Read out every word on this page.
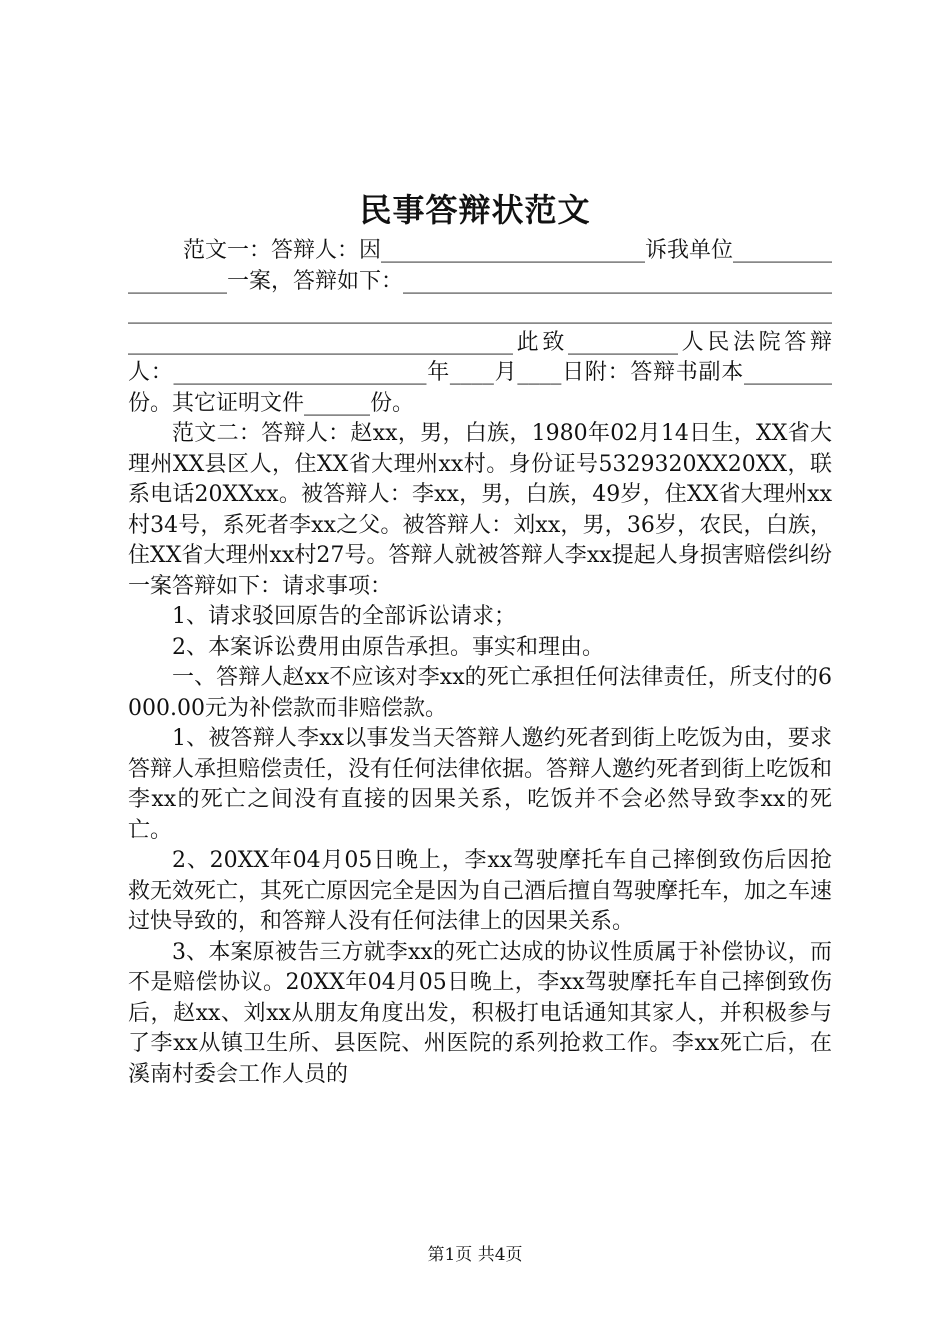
民事答辩状范文

范文一：答辩人：因________________________诉我单位__________________一案，答辩如下：__________________________________________________________________________________________________________________________________________此致__________人民法院答辩人：_______________________年____月____日附：答辩书副本________份。其它证明文件______份。

范文二：答辩人：赵xx，男，白族，1980年02月14日生，XX省大理州XX县区人，住XX省大理州xx村。身份证号5329320XX20XX，联系电话20XXxx。被答辩人：李xx，男，白族，49岁，住XX省大理州xx村34号，系死者李xx之父。被答辩人：刘xx，男，36岁，农民，白族，住XX省大理州xx村27号。答辩人就被答辩人李xx提起人身损害赔偿纠纷一案答辩如下：请求事项：

1、请求驳回原告的全部诉讼请求；

2、本案诉讼费用由原告承担。事实和理由。

一、答辩人赵xx不应该对李xx的死亡承担任何法律责任，所支付的6000.00元为补偿款而非赔偿款。

1、被答辩人李xx以事发当天答辩人邀约死者到街上吃饭为由，要求答辩人承担赔偿责任，没有任何法律依据。答辩人邀约死者到街上吃饭和李xx的死亡之间没有直接的因果关系，吃饭并不会必然导致李xx的死亡。

2、20XX年04月05日晚上，李xx驾驶摩托车自己摔倒致伤后因抢救无效死亡，其死亡原因完全是因为自己酒后擅自驾驶摩托车，加之车速过快导致的，和答辩人没有任何法律上的因果关系。

3、本案原被告三方就李xx的死亡达成的协议性质属于补偿协议，而不是赔偿协议。20XX年04月05日晚上，李xx驾驶摩托车自己摔倒致伤后，赵xx、刘xx从朋友角度出发，积极打电话通知其家人，并积极参与了李xx从镇卫生所、县医院、州医院的系列抢救工作。李xx死亡后，在溪南村委会工作人员的

第1页 共4页
